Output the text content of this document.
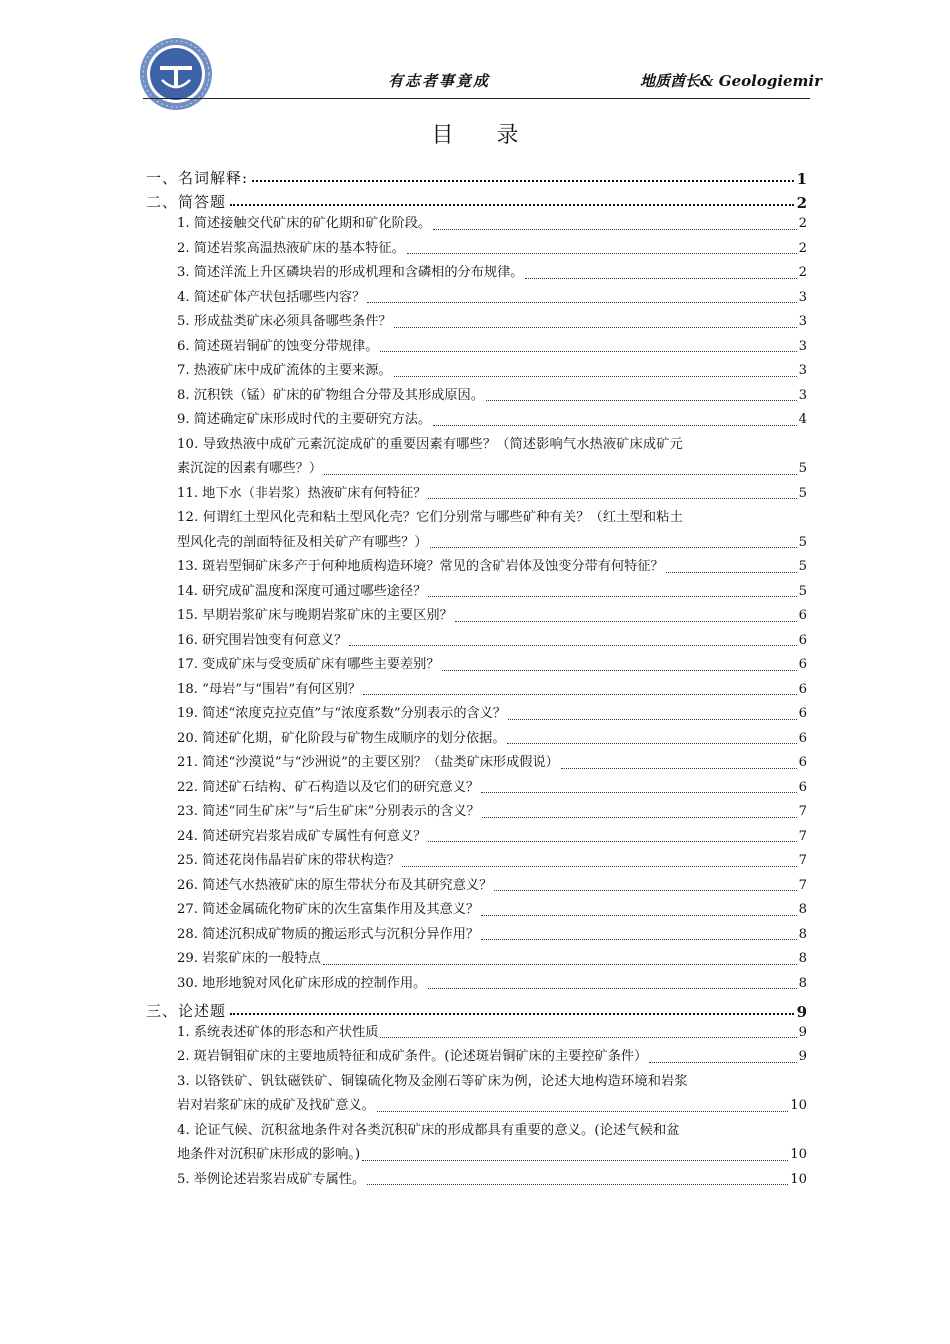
有志者事竟成	地质酋长& Geologiemir
目 录
一、名词解释:	1
二、简答题	2
1. 简述接触交代矿床的矿化期和矿化阶段。	2
2. 简述岩浆高温热液矿床的基本特征。	2
3. 简述洋流上升区磷块岩的形成机理和含磷相的分布规律。	2
4. 简述矿体产状包括哪些内容？	3
5. 形成盐类矿床必须具备哪些条件？	3
6. 简述斑岩铜矿的蚀变分带规律。	3
7. 热液矿床中成矿流体的主要来源。	3
8. 沉积铁（锰）矿床的矿物组合分带及其形成原因。	3
9. 简述确定矿床形成时代的主要研究方法。	4
10. 导致热液中成矿元素沉淀成矿的重要因素有哪些？（简述影响气水热液矿床成矿元
素沉淀的因素有哪些？）	5
11. 地下水（非岩浆）热液矿床有何特征？	5
12. 何谓红土型风化壳和粘土型风化壳？它们分别常与哪些矿种有关？（红土型和粘土
型风化壳的剖面特征及相关矿产有哪些？）	5
13. 斑岩型铜矿床多产于何种地质构造环境？常见的含矿岩体及蚀变分带有何特征？	5
14. 研究成矿温度和深度可通过哪些途径？	5
15. 早期岩浆矿床与晚期岩浆矿床的主要区别？	6
16. 研究围岩蚀变有何意义？	6
17. 变成矿床与受变质矿床有哪些主要差别？	6
18. “母岩”与“围岩”有何区别？	6
19. 简述“浓度克拉克值”与“浓度系数”分别表示的含义？	6
20. 简述矿化期，矿化阶段与矿物生成顺序的划分依据。	6
21. 简述“沙漠说”与“沙洲说”的主要区别？（盐类矿床形成假说）	6
22. 简述矿石结构、矿石构造以及它们的研究意义？	6
23. 简述“同生矿床”与“后生矿床”分别表示的含义？	7
24. 简述研究岩浆岩成矿专属性有何意义？	7
25. 简述花岗伟晶岩矿床的带状构造？	7
26. 简述气水热液矿床的原生带状分布及其研究意义？	7
27. 简述金属硫化物矿床的次生富集作用及其意义？	8
28. 简述沉积成矿物质的搬运形式与沉积分异作用？	8
29. 岩浆矿床的一般特点	8
30. 地形地貌对风化矿床形成的控制作用。	8
三、论述题	9
1. 系统表述矿体的形态和产状性质	9
2. 斑岩铜钼矿床的主要地质特征和成矿条件。(论述斑岩铜矿床的主要控矿条件）	9
3. 以铬铁矿、钒钛磁铁矿、铜镍硫化物及金刚石等矿床为例，论述大地构造环境和岩浆
岩对岩浆矿床的成矿及找矿意义。	10
4. 论证气候、沉积盆地条件对各类沉积矿床的形成都具有重要的意义。(论述气候和盆
地条件对沉积矿床形成的影响。)	10
5. 举例论述岩浆岩成矿专属性。	10
